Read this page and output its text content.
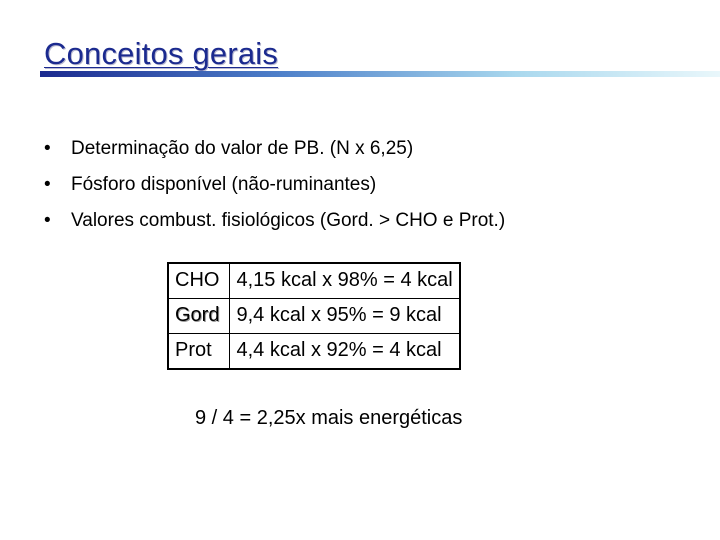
Conceitos gerais
• Determinação do valor de PB. (N x 6,25)
• Fósforo disponível (não-ruminantes)
• Valores combust. fisiológicos (Gord. > CHO e Prot.)
CHO	4,15 kcal x 98% = 4 kcal
Gord	9,4 kcal x 95% = 9 kcal
Prot	4,4 kcal x 92% = 4 kcal
9 / 4 = 2,25x mais energéticas
